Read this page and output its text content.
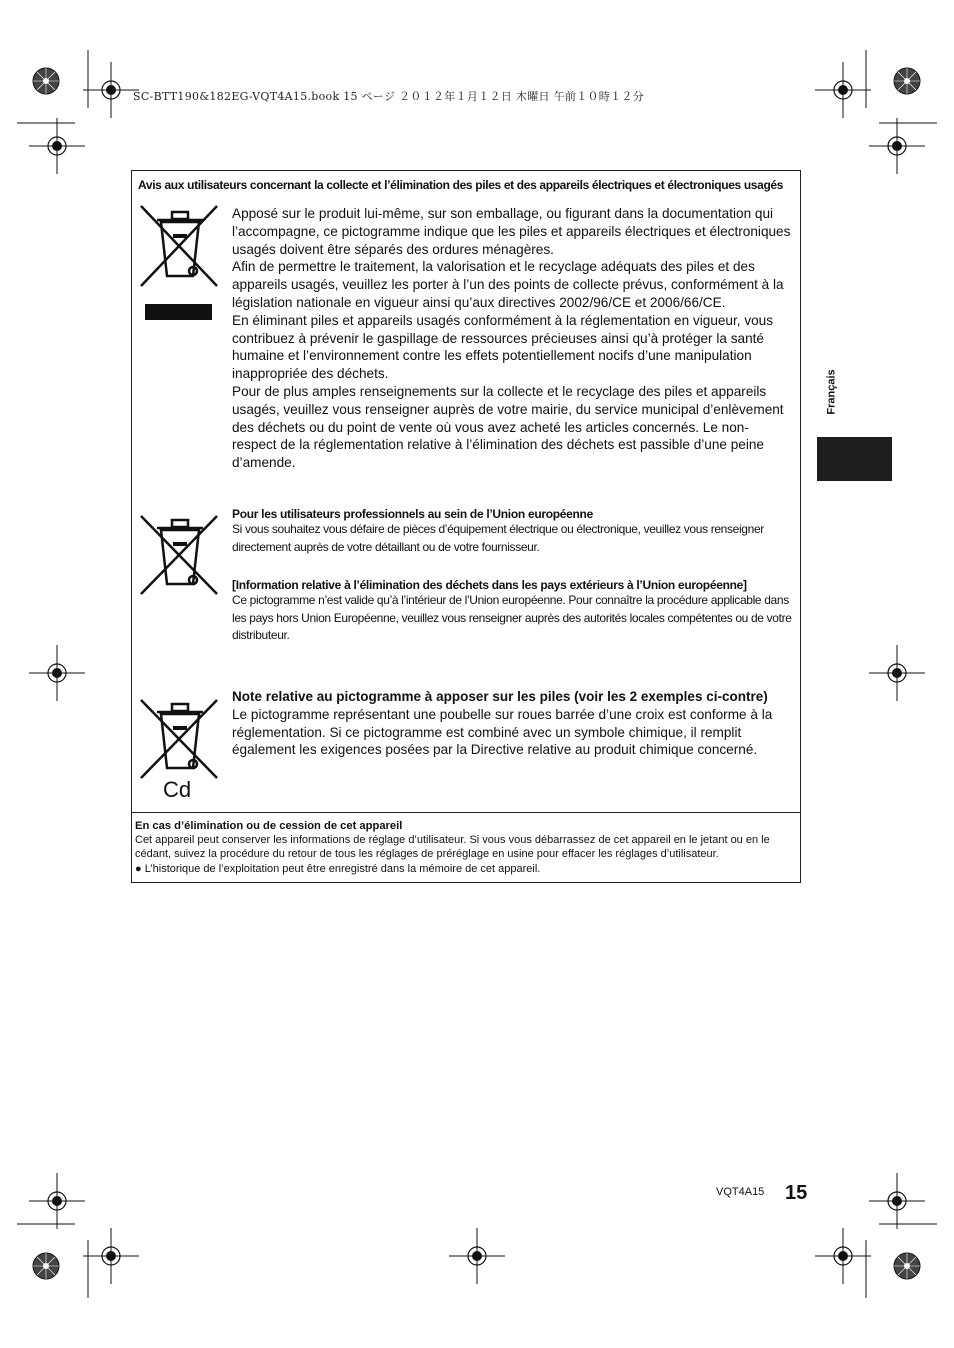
SC-BTT190&182EG-VQT4A15.book 15 ページ ２０１２年１月１２日 木曜日 午前１０時１２分
Avis aux utilisateurs concernant la collecte et l’élimination des piles et des appareils électriques et électroniques usagés
Apposé sur le produit lui-même, sur son emballage, ou figurant dans la documentation qui l’accompagne, ce pictogramme indique que les piles et appareils électriques et électroniques usagés doivent être séparés des ordures ménagères.
Afin de permettre le traitement, la valorisation et le recyclage adéquats des piles et des appareils usagés, veuillez les porter à l’un des points de collecte prévus, conformément à la législation nationale en vigueur ainsi qu’aux directives 2002/96/CE et 2006/66/CE.
En éliminant piles et appareils usagés conformément à la réglementation en vigueur, vous contribuez à prévenir le gaspillage de ressources précieuses ainsi qu’à protéger la santé humaine et l’environnement contre les effets potentiellement nocifs d’une manipulation inappropriée des déchets.
Pour de plus amples renseignements sur la collecte et le recyclage des piles et appareils usagés, veuillez vous renseigner auprès de votre mairie, du service municipal d’enlèvement des déchets ou du point de vente où vous avez acheté les articles concernés. Le non-respect de la réglementation relative à l’élimination des déchets est passible d’une peine d’amende.
Pour les utilisateurs professionnels au sein de l’Union européenne
Si vous souhaitez vous défaire de pièces d’équipement électrique ou électronique, veuillez vous renseigner directement auprès de votre détaillant ou de votre fournisseur.
[Information relative à l’élimination des déchets dans les pays extérieurs à l’Union européenne]
Ce pictogramme n’est valide qu’à l’intérieur de l’Union européenne. Pour connaître la procédure applicable dans les pays hors Union Européenne, veuillez vous renseigner auprès des autorités locales compétentes ou de votre distributeur.
Cd
Note relative au pictogramme à apposer sur les piles (voir les 2 exemples ci-contre)
Le pictogramme représentant une poubelle sur roues barrée d’une croix est conforme à la réglementation. Si ce pictogramme est combiné avec un symbole chimique, il remplit également les exigences posées par la Directive relative au produit chimique concerné.
En cas d’élimination ou de cession de cet appareil
Cet appareil peut conserver les informations de réglage d’utilisateur. Si vous vous débarrassez de cet appareil en le jetant ou en le cédant, suivez la procédure du retour de tous les réglages de préréglage en usine pour effacer les réglages d’utilisateur.
● L’historique de l’exploitation peut être enregistré dans la mémoire de cet appareil.
Français
VQT4A15 15
